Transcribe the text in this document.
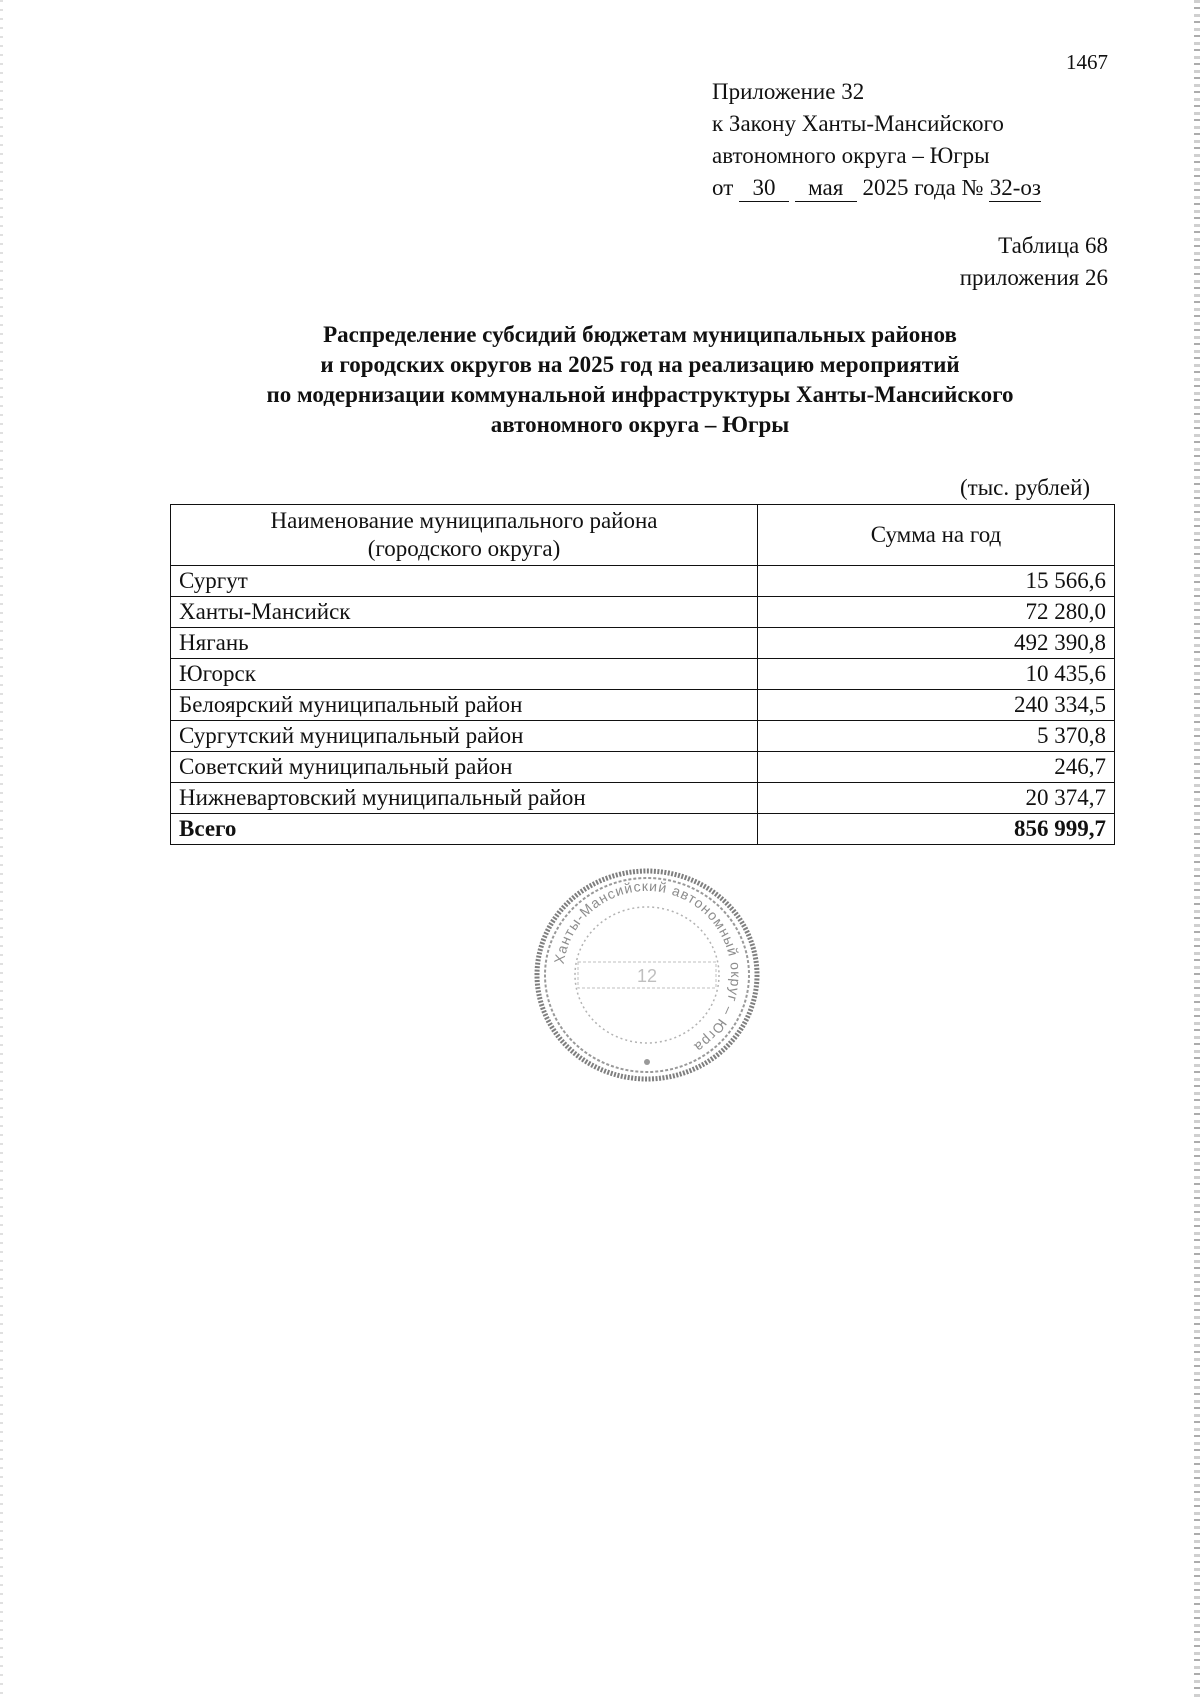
1467
Приложение 32
к Закону Ханты-Мансийского
автономного округа – Югры
от 30 мая 2025 года № 32-оз
Таблица 68
приложения 26
Распределение субсидий бюджетам муниципальных районов
и городских округов на 2025 год на реализацию мероприятий
по модернизации коммунальной инфраструктуры Ханты-Мансийского
автономного округа – Югры
(тыс. рублей)
Наименование муниципального района
(городского округа)	Сумма на год
Сургут	15 566,6
Ханты-Мансийск	72 280,0
Нягань	492 390,8
Югорск	10 435,6
Белоярский муниципальный район	240 334,5
Сургутский муниципальный район	5 370,8
Советский муниципальный район	246,7
Нижневартовский муниципальный район	20 374,7
Всего	856 999,7
Ханты-Мансийский автономный округ – Югра
12
